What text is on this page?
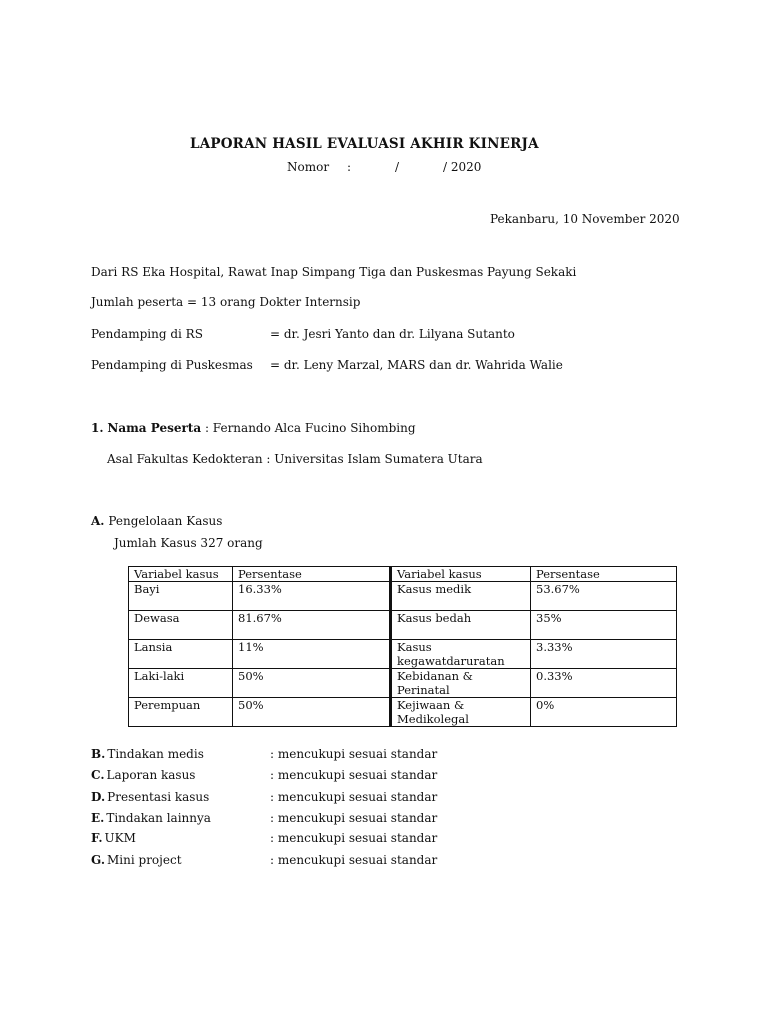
LAPORAN HASIL EVALUASI AKHIR KINERJA
Nomor :	/	/ 2020
Pekanbaru, 10 November 2020
Dari RS Eka Hospital, Rawat Inap Simpang Tiga dan Puskesmas Payung Sekaki
Jumlah peserta = 13 orang Dokter Internsip
Pendamping di RS	= dr. Jesri Yanto dan dr. Lilyana Sutanto
Pendamping di Puskesmas = dr. Leny Marzal, MARS dan dr. Wahrida Walie
1. Nama Peserta : Fernando Alca Fucino Sihombing
Asal Fakultas Kedokteran : Universitas Islam Sumatera Utara
A. Pengelolaan Kasus
Jumlah Kasus 327 orang
Variabel kasus	Persentase	Variabel kasus	Persentase
Bayi	16.33%	Kasus medik	53.67%
Dewasa	81.67%	Kasus bedah	35%
Lansia	11%	Kasus kegawatdaruratan	3.33%
Laki-laki	50%	Kebidanan & Perinatal	0.33%
Perempuan	50%	Kejiwaan & Medikolegal	0%
B. Tindakan medis	: mencukupi sesuai standar
C. Laporan kasus	: mencukupi sesuai standar
D. Presentasi kasus	: mencukupi sesuai standar
E. Tindakan lainnya	: mencukupi sesuai standar
F. UKM	: mencukupi sesuai standar
G. Mini project	: mencukupi sesuai standar
